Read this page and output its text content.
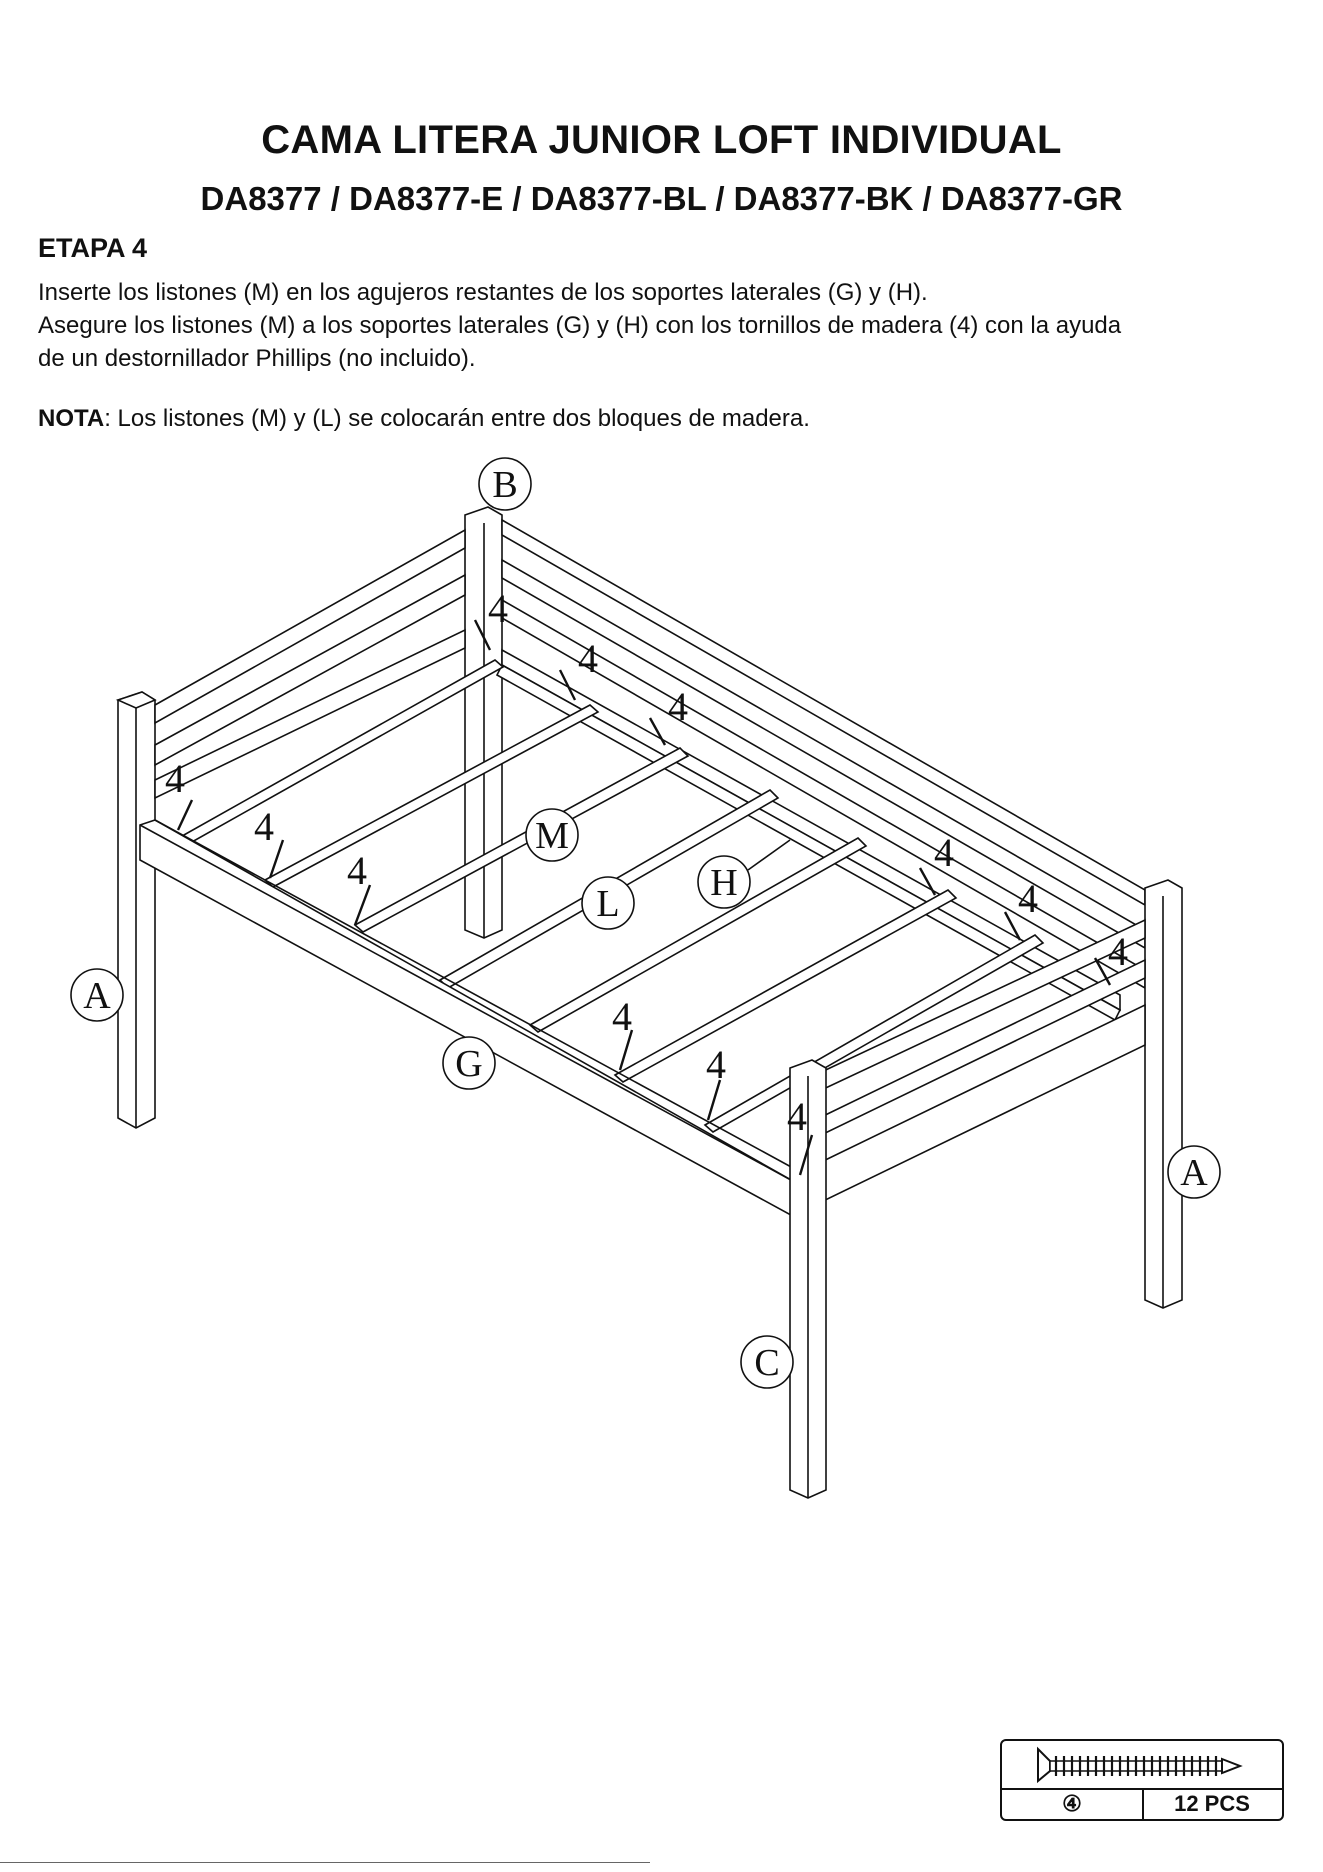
CAMA LITERA JUNIOR LOFT INDIVIDUAL
DA8377 / DA8377-E / DA8377-BL / DA8377-BK / DA8377-GR
ETAPA 4

Inserte los listones (M) en los agujeros restantes de los soportes laterales (G) y (H).

Asegure los listones (M) a los soportes laterales (G) y (H) con los tornillos de madera (4) con la ayuda

de un destornillador Phillips (no incluido).

NOTA: Los listones (M) y (L) se colocarán entre dos bloques de madera.
B
A
M
L H
G
A
C
4
4
4
4
4
4	4
4
4
4
4
4
④	12 PCS
